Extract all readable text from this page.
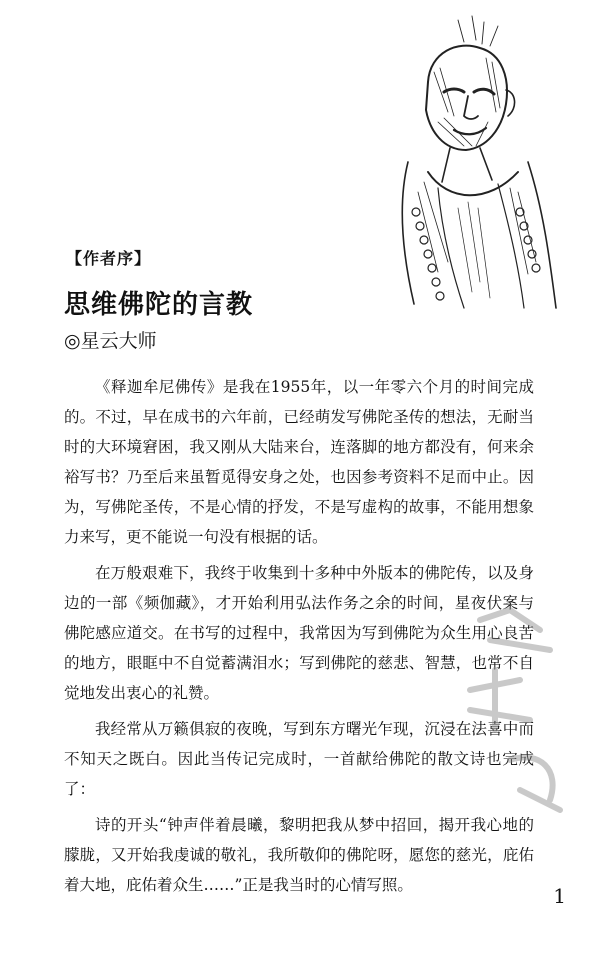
【作者序】
思维佛陀的言教
◎星云大师

《释迦牟尼佛传》是我在1955年，以一年零六个月的时间完成的。不过，早在成书的六年前，已经萌发写佛陀圣传的想法，无耐当时的大环境窘困，我又刚从大陆来台，连落脚的地方都没有，何来余裕写书？乃至后来虽暂觅得安身之处，也因参考资料不足而中止。因为，写佛陀圣传，不是心情的抒发，不是写虚构的故事，不能用想象力来写，更不能说一句没有根据的话。

在万般艰难下，我终于收集到十多种中外版本的佛陀传，以及身边的一部《频伽藏》，才开始利用弘法作务之余的时间，星夜伏案与佛陀感应道交。在书写的过程中，我常因为写到佛陀为众生用心良苦的地方，眼眶中不自觉蓄满泪水；写到佛陀的慈悲、智慧，也常不自觉地发出衷心的礼赞。

我经常从万籁俱寂的夜晚，写到东方曙光乍现，沉浸在法喜中而不知天之既白。因此当传记完成时，一首献给佛陀的散文诗也完成了：

诗的开头“钟声伴着晨曦，黎明把我从梦中招回，揭开我心地的朦胧，又开始我虔诚的敬礼，我所敬仰的佛陀呀，愿您的慈光，庇佑着大地，庇佑着众生……”正是我当时的心情写照。	1
